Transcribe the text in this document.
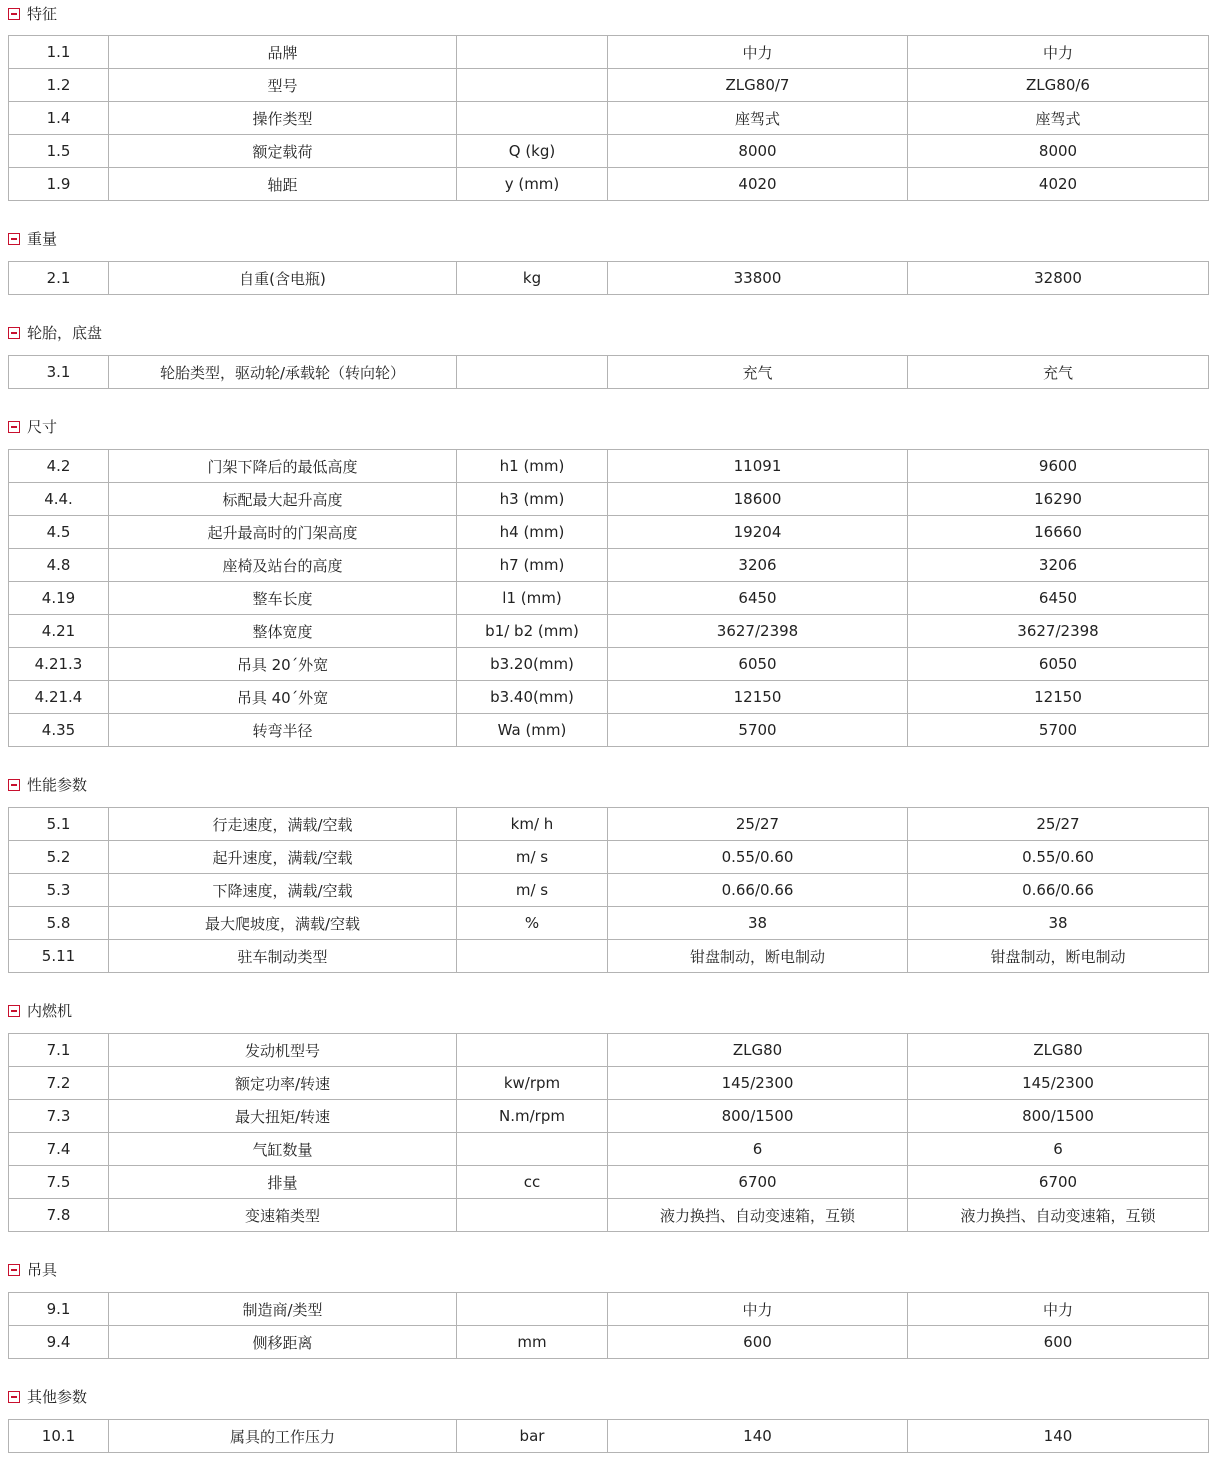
特征
1.1	品牌		中力	中力
1.2	型号		ZLG80/7	ZLG80/6
1.4	操作类型		座驾式	座驾式
1.5	额定载荷	Q (kg)	8000	8000
1.9	轴距	y (mm)	4020	4020
重量
2.1	自重(含电瓶)	kg	33800	32800
轮胎，底盘
3.1	轮胎类型，驱动轮/承载轮（转向轮）		充气	充气
尺寸
4.2	门架下降后的最低高度	h1 (mm)	11091	9600
4.4.	标配最大起升高度	h3 (mm)	18600	16290
4.5	起升最高时的门架高度	h4 (mm)	19204	16660
4.8	座椅及站台的高度	h7 (mm)	3206	3206
4.19	整车长度	l1 (mm)	6450	6450
4.21	整体宽度	b1/ b2 (mm)	3627/2398	3627/2398
4.21.3	吊具 20´外宽	b3.20(mm)	6050	6050
4.21.4	吊具 40´外宽	b3.40(mm)	12150	12150
4.35	转弯半径	Wa (mm)	5700	5700
性能参数
5.1	行走速度，满载/空载	km/ h	25/27	25/27
5.2	起升速度，满载/空载	m/ s	0.55/0.60	0.55/0.60
5.3	下降速度，满载/空载	m/ s	0.66/0.66	0.66/0.66
5.8	最大爬坡度，满载/空载	%	38	38
5.11	驻车制动类型		钳盘制动，断电制动	钳盘制动，断电制动
内燃机
7.1	发动机型号		ZLG80	ZLG80
7.2	额定功率/转速	kw/rpm	145/2300	145/2300
7.3	最大扭矩/转速	N.m/rpm	800/1500	800/1500
7.4	气缸数量		6	6
7.5	排量	cc	6700	6700
7.8	变速箱类型		液力换挡、自动变速箱，互锁	液力换挡、自动变速箱，互锁
吊具
9.1	制造商/类型		中力	中力
9.4	侧移距离	mm	600	600
其他参数
10.1	属具的工作压力	bar	140	140
